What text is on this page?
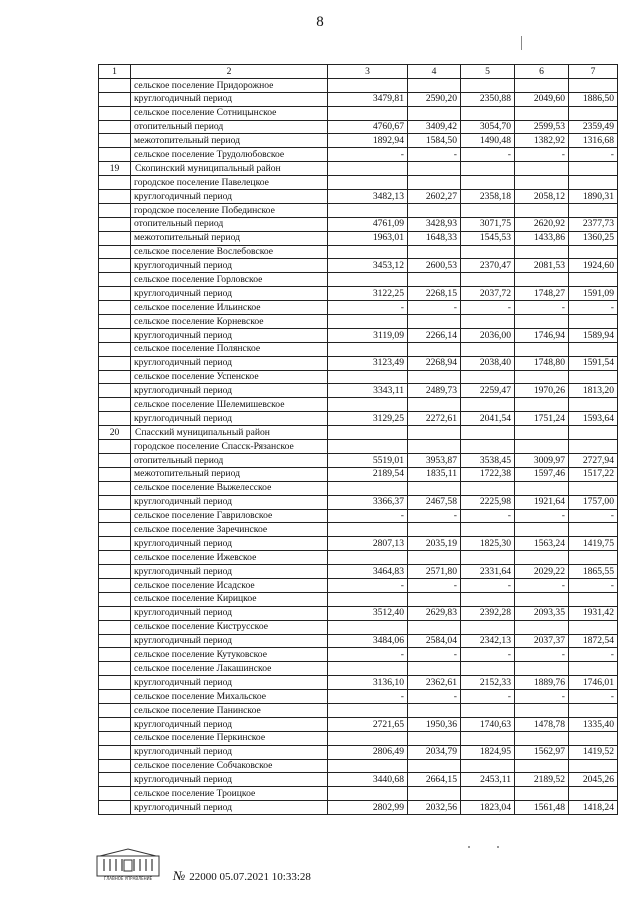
8
1	2	3	4	5	6	7
	сельское поселение Придорожное					
	круглогодичный период	3479,81	2590,20	2350,88	2049,60	1886,50
	сельское поселение Сотницынское					
	отопительный период	4760,67	3409,42	3054,70	2599,53	2359,49
	межотопительный период	1892,94	1584,50	1490,48	1382,92	1316,68
	сельское поселение Трудолюбовское	-	-	-	-	-
19	Скопинский муниципальный район					
	городское поселение Павелецкое					
	круглогодичный период	3482,13	2602,27	2358,18	2058,12	1890,31
	городское поселение Побединское					
	отопительный период	4761,09	3428,93	3071,75	2620,92	2377,73
	межотопительный период	1963,01	1648,33	1545,53	1433,86	1360,25
	сельское поселение Вослебовское					
	круглогодичный период	3453,12	2600,53	2370,47	2081,53	1924,60
	сельское поселение Горловское					
	круглогодичный период	3122,25	2268,15	2037,72	1748,27	1591,09
	сельское поселение Ильинское	-	-	-	-	-
	сельское поселение Корневское					
	круглогодичный период	3119,09	2266,14	2036,00	1746,94	1589,94
	сельское поселение Полянское					
	круглогодичный период	3123,49	2268,94	2038,40	1748,80	1591,54
	сельское поселение Успенское					
	круглогодичный период	3343,11	2489,73	2259,47	1970,26	1813,20
	сельское поселение Шелемишевское					
	круглогодичный период	3129,25	2272,61	2041,54	1751,24	1593,64
20	Спасский муниципальный район					
	городское поселение Спасск-Рязанское					
	отопительный период	5519,01	3953,87	3538,45	3009,97	2727,94
	межотопительный период	2189,54	1835,11	1722,38	1597,46	1517,22
	сельское поселение Выжелесское					
	круглогодичный период	3366,37	2467,58	2225,98	1921,64	1757,00
	сельское поселение Гавриловское	-	-	-	-	-
	сельское поселение Заречинское					
	круглогодичный период	2807,13	2035,19	1825,30	1563,24	1419,75
	сельское поселение Ижевское					
	круглогодичный период	3464,83	2571,80	2331,64	2029,22	1865,55
	сельское поселение Исадское	-	-	-	-	-
	сельское поселение Кирицкое					
	круглогодичный период	3512,40	2629,83	2392,28	2093,35	1931,42
	сельское поселение Киструсское					
	круглогодичный период	3484,06	2584,04	2342,13	2037,37	1872,54
	сельское поселение Кутуковское	-	-	-	-	-
	сельское поселение Лакашинское					
	круглогодичный период	3136,10	2362,61	2152,33	1889,76	1746,01
	сельское поселение Михальское	-	-	-	-	-
	сельское поселение Панинское					
	круглогодичный период	2721,65	1950,36	1740,63	1478,78	1335,40
	сельское поселение Перкинское					
	круглогодичный период	2806,49	2034,79	1824,95	1562,97	1419,52
	сельское поселение Собчаковское					
	круглогодичный период	3440,68	2664,15	2453,11	2189,52	2045,26
	сельское поселение Троицкое					
	круглогодичный период	2802,99	2032,56	1823,04	1561,48	1418,24
ГЛАВНОЕ УПРАВЛЕНИЕ № 22000 05.07.2021 10:33:28
